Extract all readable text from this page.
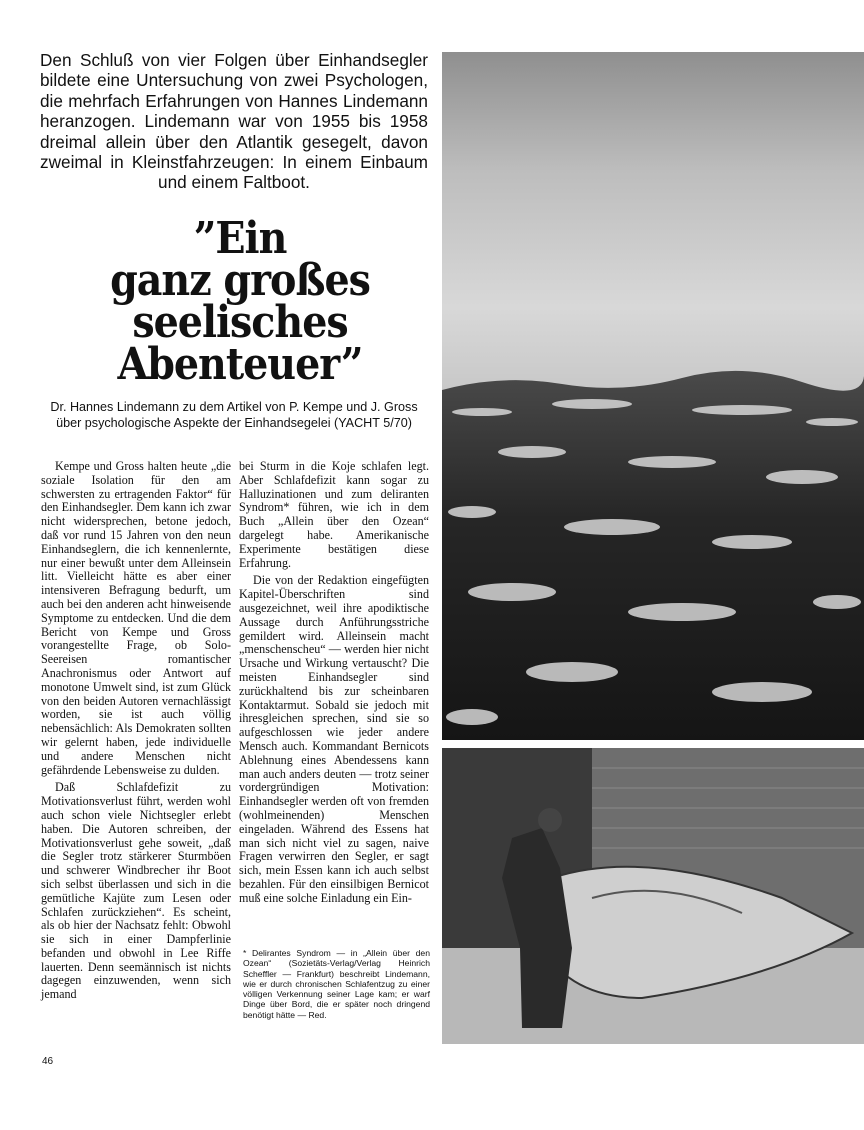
Den Schluß von vier Folgen über Einhandsegler bildete eine Untersuchung von zwei Psychologen, die mehrfach Erfahrungen von Hannes Lindemann heranzogen. Lindemann war von 1955 bis 1958 dreimal allein über den Atlantik gesegelt, davon zweimal in Kleinstfahrzeugen: In einem Einbaum und einem Faltboot.

”Ein
ganz großes
seelisches
Abenteuer”

Dr. Hannes Lindemann zu dem Artikel von P. Kempe und J. Gross über psychologische Aspekte der Einhandsegelei (YACHT 5/70)

Kempe und Gross halten heute „die soziale Isolation für den am schwersten zu ertragenden Faktor“ für den Einhandsegler. Dem kann ich zwar nicht widersprechen, betone jedoch, daß vor rund 15 Jahren von den neun Einhandseglern, die ich kennenlernte, nur einer bewußt unter dem Alleinsein litt. Vielleicht hätte es aber einer intensiveren Befragung bedurft, um auch bei den anderen acht hinweisende Symptome zu entdecken. Und die dem Bericht von Kempe und Gross vorangestellte Frage, ob Solo-Seereisen romantischer Anachronismus oder Antwort auf monotone Umwelt sind, ist zum Glück von den beiden Autoren vernachlässigt worden, sie ist auch völlig nebensächlich: Als Demokraten sollten wir gelernt haben, jede individuelle und andere Menschen nicht gefährdende Lebensweise zu dulden.

Daß Schlafdefizit zu Motivationsverlust führt, werden wohl auch schon viele Nichtsegler erlebt haben. Die Autoren schreiben, der Motivationsverlust gehe soweit, „daß die Segler trotz stärkerer Sturmböen und schwerer Windbrecher ihr Boot sich selbst überlassen und sich in die gemütliche Kajüte zum Lesen oder Schlafen zurückziehen“. Es scheint, als ob hier der Nachsatz fehlt: Obwohl sie sich in einer Dampferlinie befanden und obwohl in Lee Riffe lauerten. Denn seemännisch ist nichts dagegen einzuwenden, wenn sich jemand

bei Sturm in die Koje schlafen legt. Aber Schlafdefizit kann sogar zu Halluzinationen und zum deliranten Syndrom* führen, wie ich in dem Buch „Allein über den Ozean“ dargelegt habe. Amerikanische Experimente bestätigen diese Erfahrung.

Die von der Redaktion eingefügten Kapitel-Überschriften sind ausgezeichnet, weil ihre apodiktische Aussage durch Anführungsstriche gemildert wird. Alleinsein macht „menschenscheu“ — werden hier nicht Ursache und Wirkung vertauscht? Die meisten Einhandsegler sind zurückhaltend bis zur scheinbaren Kontaktarmut. Sobald sie jedoch mit ihresgleichen sprechen, sind sie so aufgeschlossen wie jeder andere Mensch auch. Kommandant Bernicots Ablehnung eines Abendessens kann man auch anders deuten — trotz seiner vordergründigen Motivation: Einhandsegler werden oft von fremden (wohlmeinenden) Menschen eingeladen. Während des Essens hat man sich nicht viel zu sagen, naive Fragen verwirren den Segler, er sagt sich, mein Essen kann ich auch selbst bezahlen. Für den einsilbigen Bernicot muß eine solche Einladung ein Ein-

* Delirantes Syndrom — in „Allein über den Ozean“ (Sozietäts-Verlag/Verlag Heinrich Scheffler — Frankfurt) beschreibt Lindemann, wie er durch chronischen Schlafentzug zu einer völligen Verkennung seiner Lage kam; er warf Dinge über Bord, die er später noch dringend benötigt hätte — Red.

46
